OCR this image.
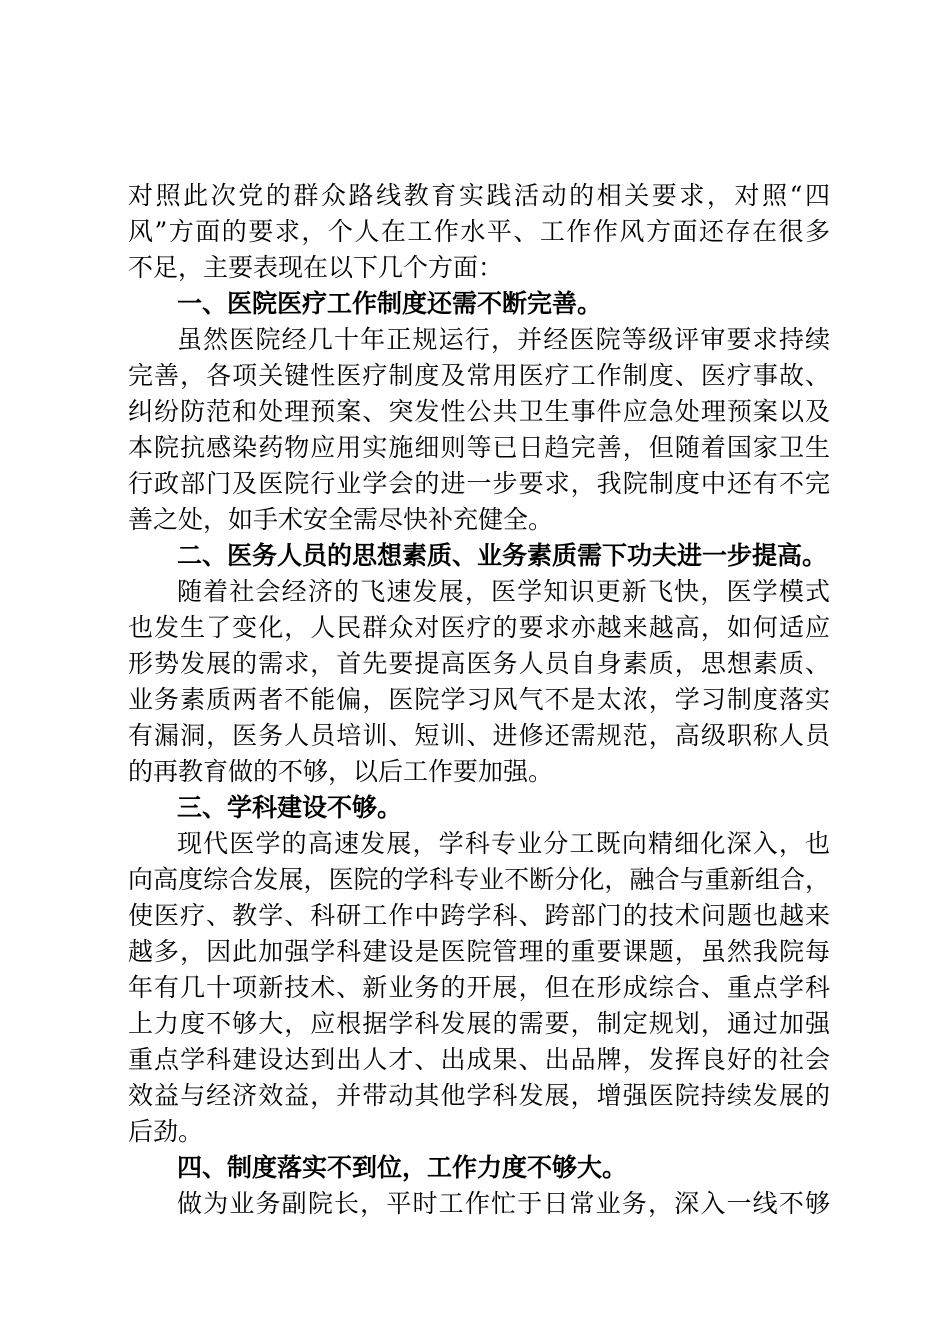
对照此次党的群众路线教育实践活动的相关要求，对照“四
风”方面的要求，个人在工作水平、工作作风方面还存在很多
不足，主要表现在以下几个方面：
一、医院医疗工作制度还需不断完善。
虽然医院经几十年正规运行，并经医院等级评审要求持续
完善，各项关键性医疗制度及常用医疗工作制度、医疗事故、
纠纷防范和处理预案、突发性公共卫生事件应急处理预案以及
本院抗感染药物应用实施细则等已日趋完善，但随着国家卫生
行政部门及医院行业学会的进一步要求，我院制度中还有不完
善之处，如手术安全需尽快补充健全。
二、医务人员的思想素质、业务素质需下功夫进一步提高。
随着社会经济的飞速发展，医学知识更新飞快，医学模式
也发生了变化，人民群众对医疗的要求亦越来越高，如何适应
形势发展的需求，首先要提高医务人员自身素质，思想素质、
业务素质两者不能偏，医院学习风气不是太浓，学习制度落实
有漏洞，医务人员培训、短训、进修还需规范，高级职称人员
的再教育做的不够，以后工作要加强。
三、学科建设不够。
现代医学的高速发展，学科专业分工既向精细化深入，也
向高度综合发展，医院的学科专业不断分化，融合与重新组合，
使医疗、教学、科研工作中跨学科、跨部门的技术问题也越来
越多，因此加强学科建设是医院管理的重要课题，虽然我院每
年有几十项新技术、新业务的开展，但在形成综合、重点学科
上力度不够大，应根据学科发展的需要，制定规划，通过加强
重点学科建设达到出人才、出成果、出品牌，发挥良好的社会
效益与经济效益，并带动其他学科发展，增强医院持续发展的
后劲。
四、制度落实不到位，工作力度不够大。
做为业务副院长，平时工作忙于日常业务，深入一线不够
